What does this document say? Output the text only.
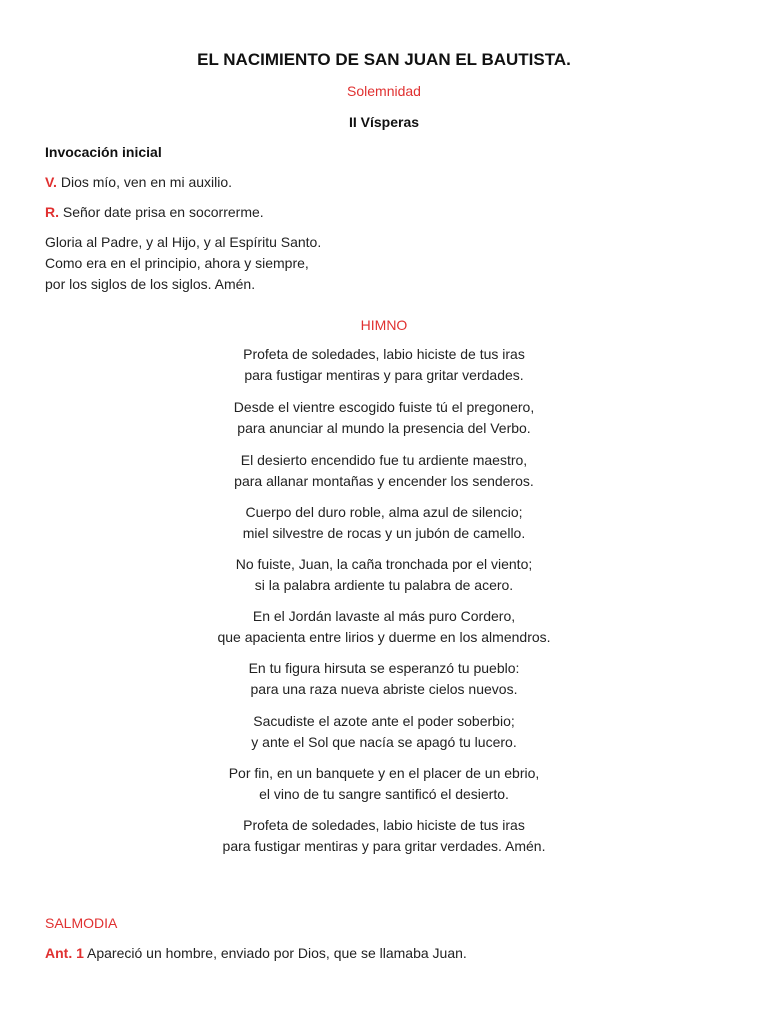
EL NACIMIENTO DE SAN JUAN EL BAUTISTA.
Solemnidad
II Vísperas
Invocación inicial
V. Dios mío, ven en mi auxilio.
R. Señor date prisa en socorrerme.
Gloria al Padre, y al Hijo, y al Espíritu Santo.
Como era en el principio, ahora y siempre,
por los siglos de los siglos. Amén.
HIMNO

Profeta de soledades, labio hiciste de tus iras

para fustigar mentiras y para gritar verdades.

Desde el vientre escogido fuiste tú el pregonero,

para anunciar al mundo la presencia del Verbo.

El desierto encendido fue tu ardiente maestro,

para allanar montañas y encender los senderos.

Cuerpo del duro roble, alma azul de silencio;

miel silvestre de rocas y un jubón de camello.

No fuiste, Juan, la caña tronchada por el viento;

si la palabra ardiente tu palabra de acero.

En el Jordán lavaste al más puro Cordero,

que apacienta entre lirios y duerme en los almendros.

En tu figura hirsuta se esperanzó tu pueblo:

para una raza nueva abriste cielos nuevos.

Sacudiste el azote ante el poder soberbio;

y ante el Sol que nacía se apagó tu lucero.

Por fin, en un banquete y en el placer de un ebrio,

el vino de tu sangre santificó el desierto.

Profeta de soledades, labio hiciste de tus iras

para fustigar mentiras y para gritar verdades. Amén.

SALMODIA
Ant. 1 Apareció un hombre, enviado por Dios, que se llamaba Juan.
